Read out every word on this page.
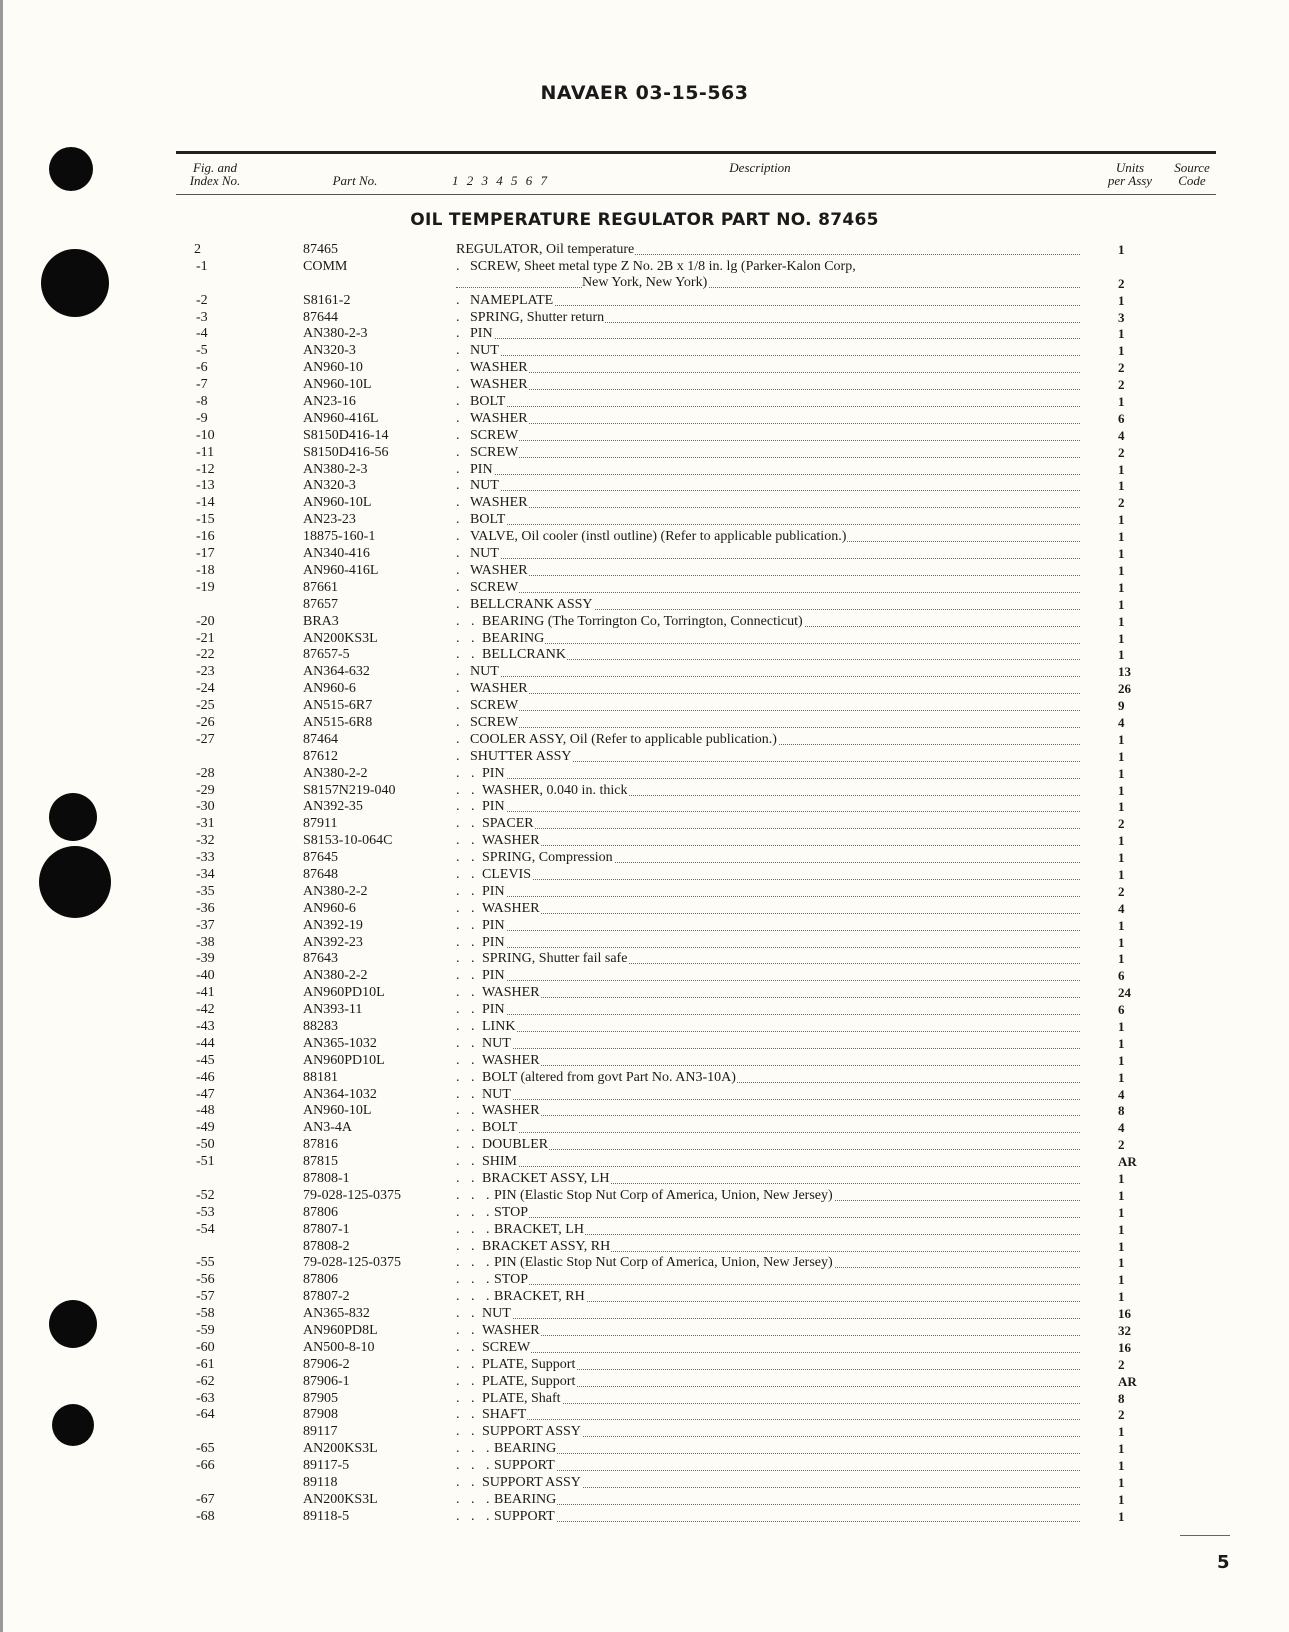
NAVAER 03-15-563
Fig. and
Index No.	Part No.	1 2 3 4 5 6 7
Description	Units
per Assy
Source
Code
OIL TEMPERATURE REGULATOR PART NO. 87465
2	87465	REGULATOR, Oil temperature	1
-1	COMM	. SCREW, Sheet metal type Z No. 2B x 1/8 in. lg (Parker-Kalon Corp,
New York, New York)	2
-2	S8161-2	. NAMEPLATE	1
-3	87644	. SPRING, Shutter return	3
-4	AN380-2-3	. PIN	1
-5	AN320-3	. NUT	1
-6	AN960-10	. WASHER	2
-7	AN960-10L	. WASHER	2
-8	AN23-16	. BOLT	1
-9	AN960-416L	. WASHER	6
-10	S8150D416-14	. SCREW	4
-11	S8150D416-56	. SCREW	2
-12	AN380-2-3	. PIN	1
-13	AN320-3	. NUT	1
-14	AN960-10L	. WASHER	2
-15	AN23-23	. BOLT	1
-16	18875-160-1	. VALVE, Oil cooler (instl outline) (Refer to applicable publication.)	1
-17	AN340-416	. NUT	1
-18	AN960-416L	. WASHER	1
-19	87661	. SCREW	1
87657	. BELLCRANK ASSY	1
-20	BRA3	. . BEARING (The Torrington Co, Torrington, Connecticut)	1
-21	AN200KS3L	. . BEARING	1
-22	87657-5	. . BELLCRANK	1
-23	AN364-632	. NUT	13
-24	AN960-6	. WASHER	26
-25	AN515-6R7	. SCREW	9
-26	AN515-6R8	. SCREW	4
-27	87464	. COOLER ASSY, Oil (Refer to applicable publication.)	1
87612	. SHUTTER ASSY	1
-28	AN380-2-2	. . PIN	1
-29	S8157N219-040	. . WASHER, 0.040 in. thick	1
-30	AN392-35	. . PIN	1
-31	87911	. . SPACER	2
-32	S8153-10-064C	. . WASHER	1
-33	87645	. . SPRING, Compression	1
-34	87648	. . CLEVIS	1
-35	AN380-2-2	. . PIN	2
-36	AN960-6	. . WASHER	4
-37	AN392-19	. . PIN	1
-38	AN392-23	. . PIN	1
-39	87643	. . SPRING, Shutter fail safe	1
-40	AN380-2-2	. . PIN	6
-41	AN960PD10L	. . WASHER	24
-42	AN393-11	. . PIN	6
-43	88283	. . LINK	1
-44	AN365-1032	. . NUT	1
-45	AN960PD10L	. . WASHER	1
-46	88181	. . BOLT (altered from govt Part No. AN3-10A)	1
-47	AN364-1032	. . NUT	4
-48	AN960-10L	. . WASHER	8
-49	AN3-4A	. . BOLT	4
-50	87816	. . DOUBLER	2
-51	87815	. . SHIM	AR
87808-1	. . BRACKET ASSY, LH	1
-52	79-028-125-0375	. . .PIN (Elastic Stop Nut Corp of America, Union, New Jersey)	1
-53	87806	. . .STOP	1
-54	87807-1	. . .BRACKET, LH	1
87808-2	. . BRACKET ASSY, RH	1
-55	79-028-125-0375	. . .PIN (Elastic Stop Nut Corp of America, Union, New Jersey)	1
-56	87806	. . .STOP	1
-57	87807-2	. . .BRACKET, RH	1
-58	AN365-832	. . NUT	16
-59	AN960PD8L	. . WASHER	32
-60	AN500-8-10	. . SCREW	16
-61	87906-2	. . PLATE, Support	2
-62	87906-1	. . PLATE, Support	AR
-63	87905	. . PLATE, Shaft	8
-64	87908	. . SHAFT	2
89117	. . SUPPORT ASSY	1
-65	AN200KS3L	. . .BEARING	1
-66	89117-5	. . .SUPPORT	1
89118	. . SUPPORT ASSY	1
-67	AN200KS3L	. . .BEARING	1
-68	89118-5	. . .SUPPORT	1
5
